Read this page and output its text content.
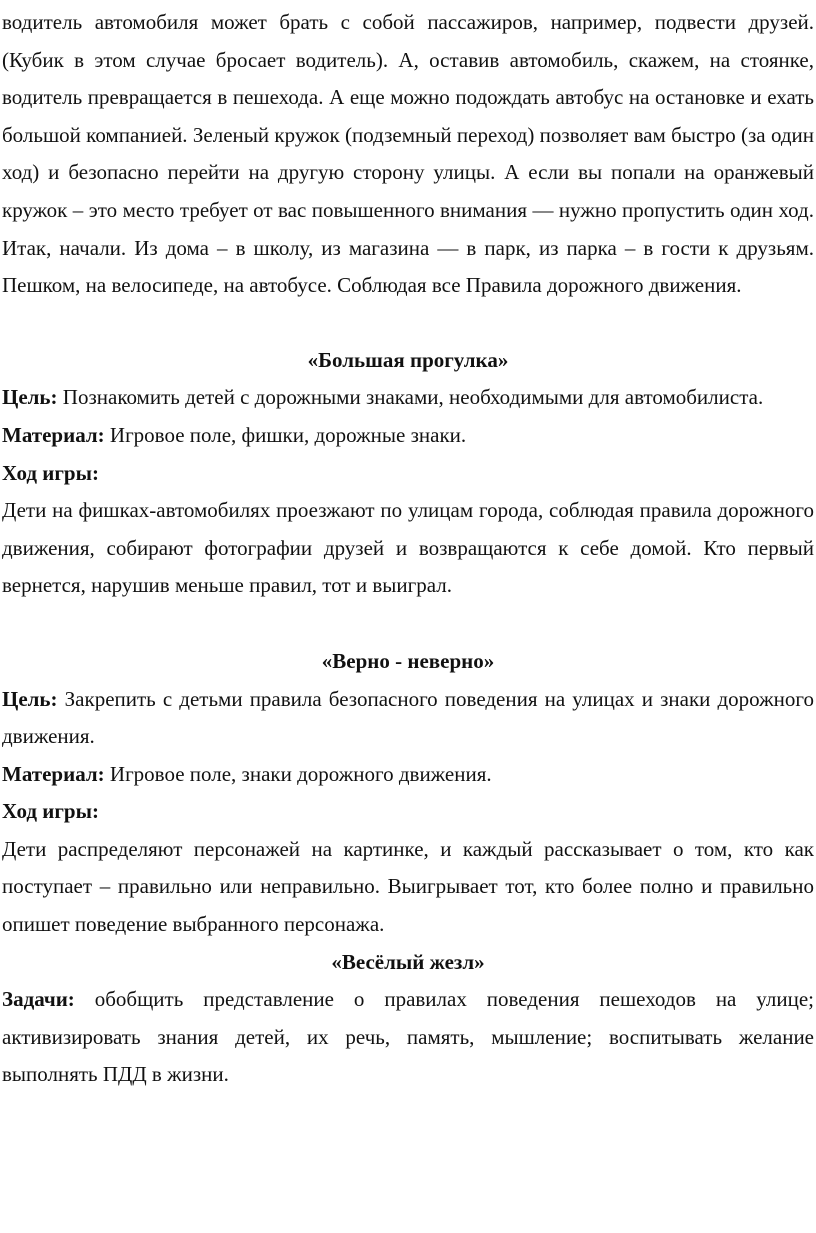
водитель автомобиля может брать с собой пассажиров, например, подвести друзей. (Кубик в этом случае бросает водитель). А, оставив автомобиль, скажем, на стоянке, водитель превращается в пешехода. А еще можно подождать автобус на остановке и ехать большой компанией. Зеленый кружок (подземный переход) позволяет вам быстро (за один ход) и безопасно перейти на другую сторону улицы. А если вы попали на оранжевый кружок – это место требует от вас повышенного внимания — нужно пропустить один ход. Итак, начали. Из дома – в школу, из магазина — в парк, из парка – в гости к друзьям. Пешком, на велосипеде, на автобусе. Соблюдая все Правила дорожного движения.

«Большая прогулка»

Цель: Познакомить детей с дорожными знаками, необходимыми для автомобилиста.

Материал: Игровое поле, фишки, дорожные знаки.

Ход игры:

Дети на фишках-автомобилях проезжают по улицам города, соблюдая правила дорожного движения, собирают фотографии друзей и возвращаются к себе домой. Кто первый вернется, нарушив меньше правил, тот и выиграл.

«Верно - неверно»

Цель: Закрепить с детьми правила безопасного поведения на улицах и знаки дорожного движения.

Материал: Игровое поле, знаки дорожного движения.

Ход игры:

Дети распределяют персонажей на картинке, и каждый рассказывает о том, кто как поступает – правильно или неправильно. Выигрывает тот, кто более полно и правильно опишет поведение выбранного персонажа.

«Весёлый жезл»

Задачи: обобщить представление о правилах поведения пешеходов на улице; активизировать знания детей, их речь, память, мышление; воспитывать желание выполнять ПДД в жизни.
